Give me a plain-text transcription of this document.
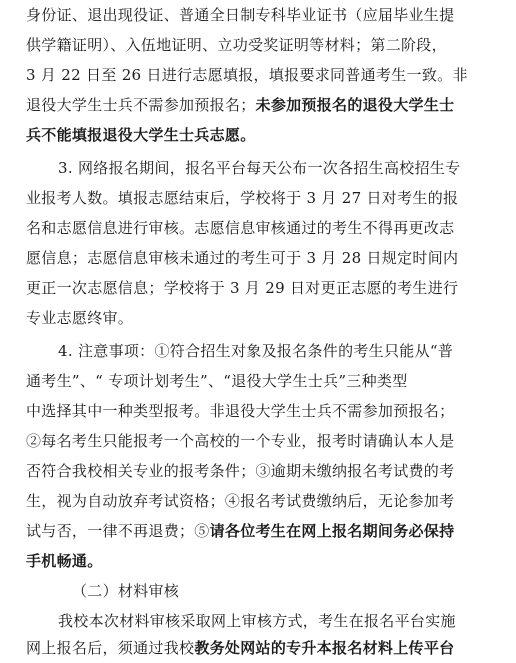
身份证、退出现役证、普通全日制专科毕业证书（应届毕业生提
供学籍证明）、入伍地证明、立功受奖证明等材料；第二阶段，
3 月 22 日至 26 日进行志愿填报，填报要求同普通考生一致。非
退役大学生士兵不需参加预报名；未参加预报名的退役大学生士
兵不能填报退役大学生士兵志愿。
3. 网络报名期间，报名平台每天公布一次各招生高校招生专
业报考人数。填报志愿结束后，学校将于 3 月 27 日对考生的报
名和志愿信息进行审核。志愿信息审核通过的考生不得再更改志
愿信息；志愿信息审核未通过的考生可于 3 月 28 日规定时间内
更正一次志愿信息；学校将于 3 月 29 日对更正志愿的考生进行
专业志愿终审。
4. 注意事项：①符合招生对象及报名条件的考生只能从“普
通考生”、“ 专项计划考生”、“退役大学生士兵”三种类型
中选择其中一种类型报考。非退役大学生士兵不需参加预报名；
②每名考生只能报考一个高校的一个专业，报考时请确认本人是
否符合我校相关专业的报考条件；③逾期未缴纳报名考试费的考
生，视为自动放弃考试资格；④报名考试费缴纳后，无论参加考
试与否，一律不再退费；⑤请各位考生在网上报名期间务必保持
手机畅通。
（二）材料审核
我校本次材料审核采取网上审核方式，考生在报名平台实施
网上报名后，须通过我校教务处网站的专升本报名材料上传平台
